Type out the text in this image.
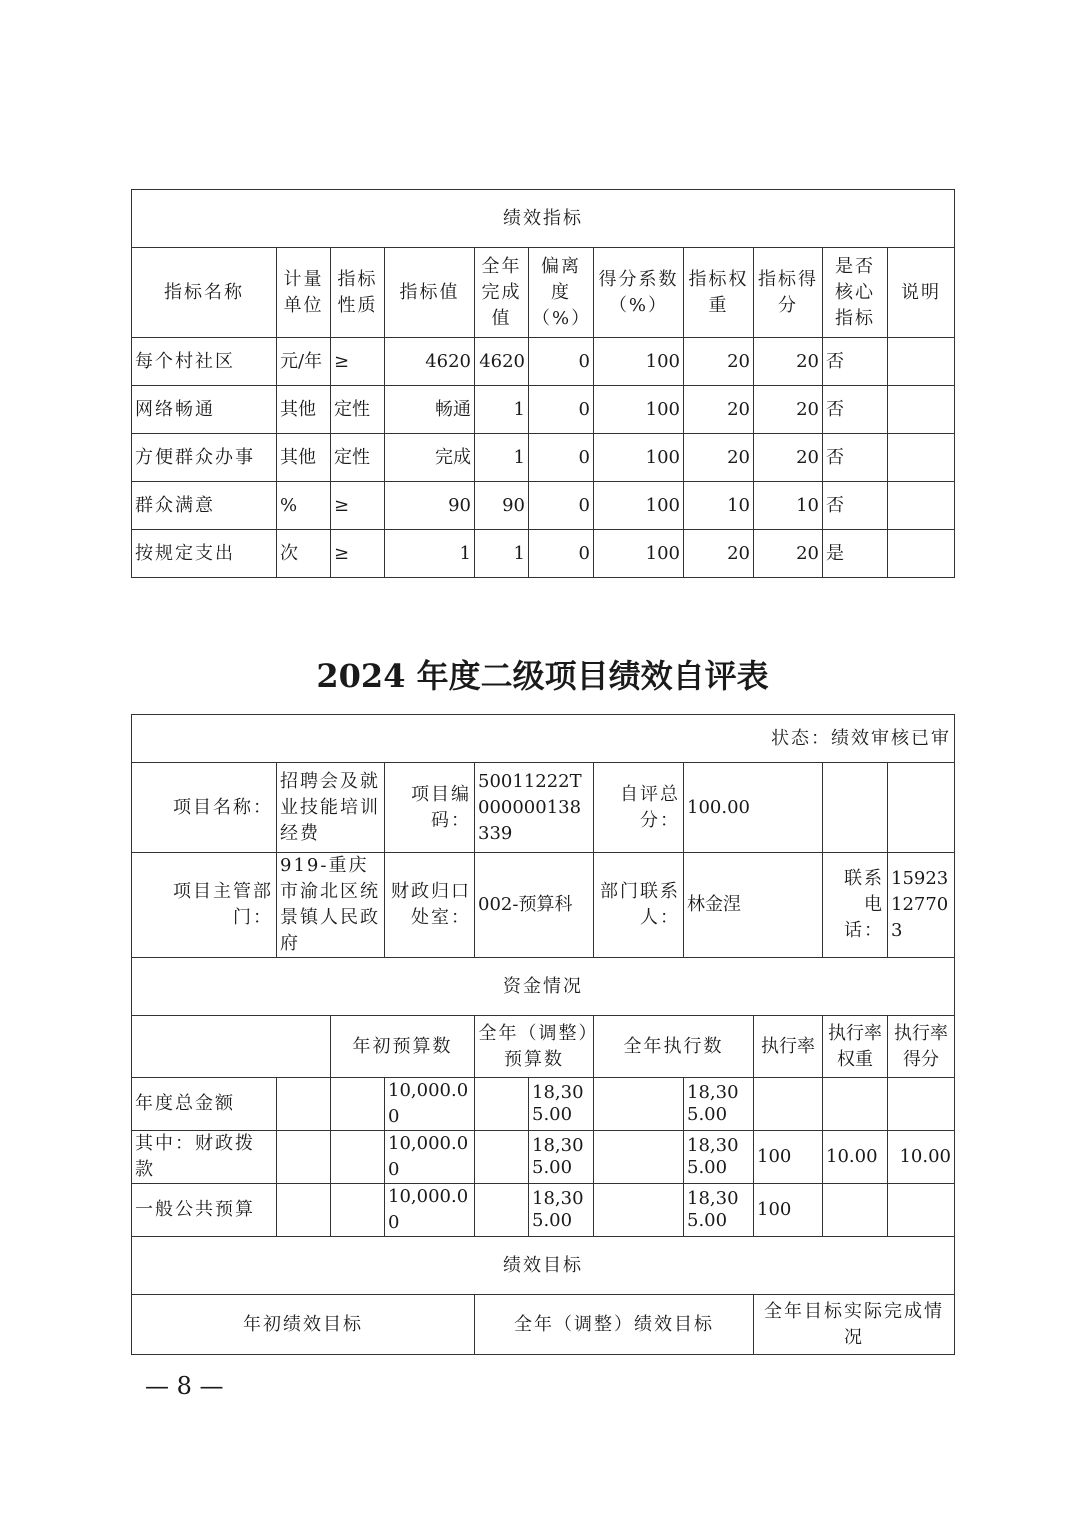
绩效指标										
指标名称	计量单位	指标性质	指标值	全年完成值	偏离度（%）	得分系数（%）	指标权重	指标得分	是否核心指标	说明
每个村社区	元/年	≥	4620	4620	0	100	20	20	否	
网络畅通	其他	定性	畅通	1	0	100	20	20	否	
方便群众办事	其他	定性	完成	1	0	100	20	20	否	
群众满意	%	≥	90	90	0	100	10	10	否	
按规定支出	次	≥	1	1	0	100	20	20	是	
2024 年度二级项目绩效自评表
状态：绩效审核已审										
项目名称：	招聘会及就业技能培训经费		项目编码：	50011222T000000138339		自评总分：	100.00			
项目主管部门：	919-重庆市渝北区统景镇人民政府		财政归口处室：	002-预算科		部门联系人：	林金涅		联系电话：	15923127703
资金情况										
		年初预算数		全年（调整）预算数		全年执行数		执行率	执行率权重	执行率得分
年度总金额			10,000.00		18,305.00		18,305.00			
其中：财政拨款			10,000.00		18,305.00		18,305.00	100	10.00	10.00
一般公共预算			10,000.00		18,305.00		18,305.00	100		
绩效目标										
年初绩效目标				全年（调整）绩效目标				全年目标实际完成情况		
— 8 —
